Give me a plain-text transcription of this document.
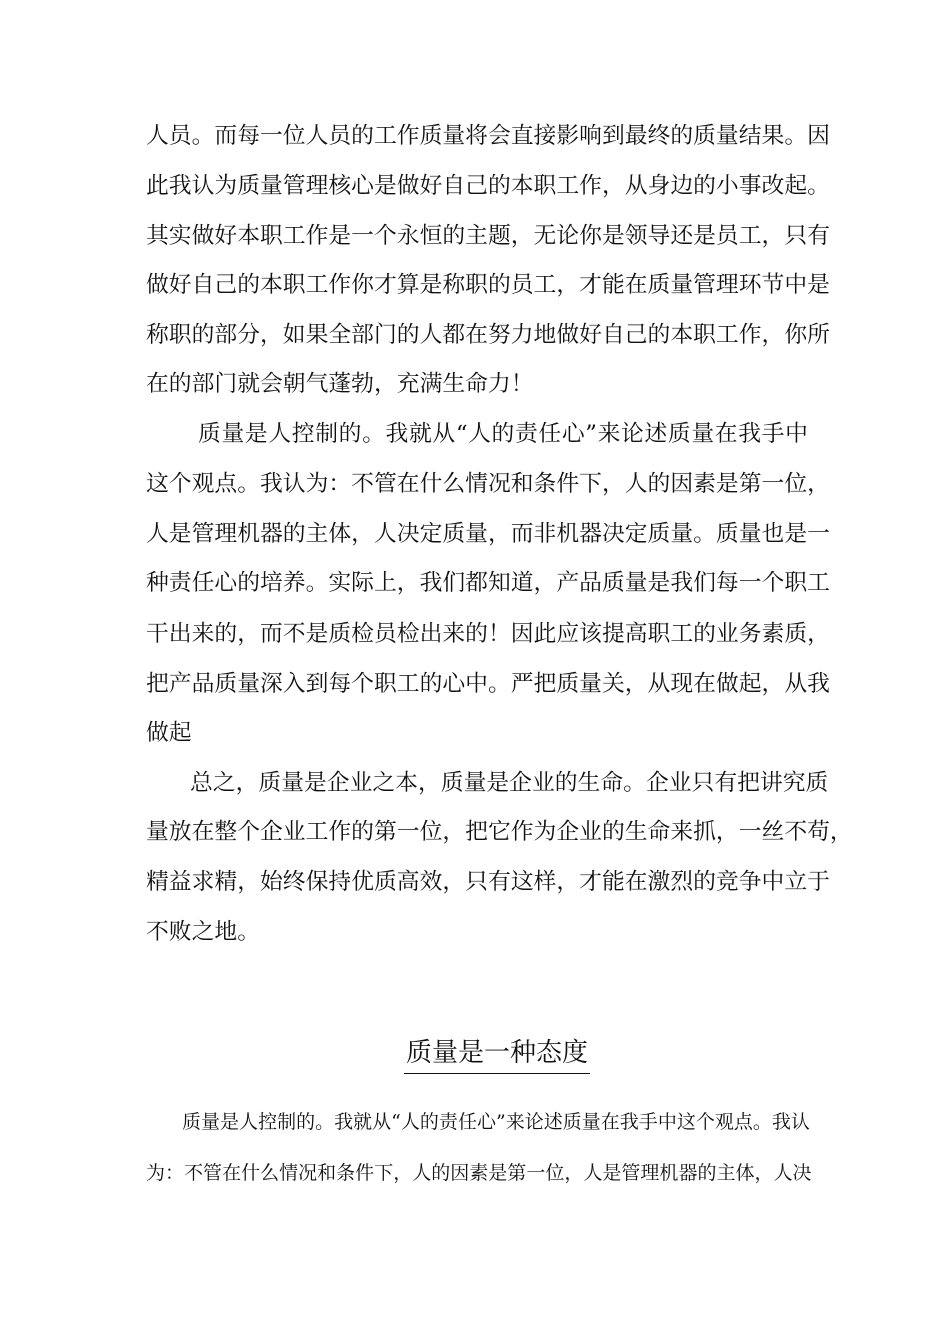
人 员 。 而 每 一 位 人 员 的 工 作 质 量 将 会 直 接 影 响 到 最 终 的 质 量 结 果 。 因
此 我 认 为 质 量 管 理 核 心 是 做 好 自 己 的 本 职 工 作 ， 从 身 边 的 小 事 改 起 。
其 实 做 好 本 职 工 作 是 一 个 永 恒 的 主 题 ， 无 论 你 是 领 导 还 是 员 工 ， 只 有
做 好 自 己 的 本 职 工 作 你 才 算 是 称 职 的 员 工 ， 才 能 在 质 量 管 理 环 节 中 是
称 职 的 部 分 ， 如 果 全 部 门 的 人 都 在 努 力 地 做 好 自 己 的 本 职 工 作 ， 你 所
在的部门就会朝气蓬勃，充满生命力！
质 量 是 人 控 制 的 。 我 就 从 “ 人 的 责 任 心 ” 来 论 述 质 量 在 我 手 中
这 个 观 点 。 我 认 为 ： 不 管 在 什 么 情 况 和 条 件 下 ， 人 的 因 素 是 第 一 位 ，
人 是 管 理 机 器 的 主 体 ， 人 决 定 质 量 ， 而 非 机 器 决 定 质 量 。 质 量 也 是 一
种 责 任 心 的 培 养 。 实 际 上 ， 我 们 都 知 道 ， 产 品 质 量 是 我 们 每 一 个 职 工
干 出 来 的 ， 而 不 是 质 检 员 检 出 来 的 ！ 因 此 应 该 提 高 职 工 的 业 务 素 质 ，
把 产 品 质 量 深 入 到 每 个 职 工 的 心 中 。 严 把 质 量 关 ， 从 现 在 做 起 ， 从 我
做起
总 之 ， 质 量 是 企 业 之 本 ， 质 量 是 企 业 的 生 命 。 企 业 只 有 把 讲 究 质
量 放 在 整 个 企 业 工 作 的 第 一 位 ， 把 它 作 为 企 业 的 生 命 来 抓 ， 一 丝 不 苟 ，
精 益 求 精 ， 始 终 保 持 优 质 高 效 ， 只 有 这 样 ， 才 能 在 激 烈 的 竞 争 中 立 于
不败之地。
质量是一种态度
质 量 是 人 控 制 的 。 我 就 从 “ 人 的 责 任 心 ” 来 论 述 质 量 在 我 手 中 这 个 观 点 。 我 认
为 ： 不 管 在 什 么 情 况 和 条 件 下 ， 人 的 因 素 是 第 一 位 ， 人 是 管 理 机 器 的 主 体 ， 人 决
